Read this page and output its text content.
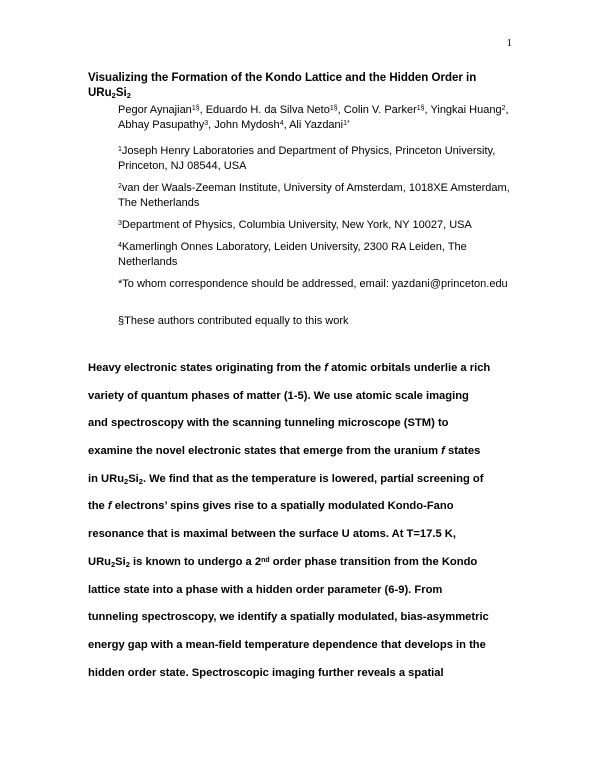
1
Visualizing the Formation of the Kondo Lattice and the Hidden Order in
$URu_2Si_2$
Pegor Aynajian$^{1\S}$, Eduardo H. da Silva Neto$^{1\S}$, Colin V. Parker$^{1\S}$, Yingkai Huang$^2$, Abhay Pasupathy$^3$, John Mydosh$^4$, Ali Yazdani$^{1*}$
$^1$Joseph Henry Laboratories and Department of Physics, Princeton University, Princeton, NJ 08544, USA
$^2$van der Waals-Zeeman Institute, University of Amsterdam, 1018XE Amsterdam, The Netherlands
$^3$Department of Physics, Columbia University, New York, NY 10027, USA
$^4$Kamerlingh Onnes Laboratory, Leiden University, 2300 RA Leiden, The Netherlands
*To whom correspondence should be addressed, email: yazdani@princeton.edu
§These authors contributed equally to this work
Heavy electronic states originating from the f atomic orbitals underlie a rich
variety of quantum phases of matter (1-5). We use atomic scale imaging
and spectroscopy with the scanning tunneling microscope (STM) to
examine the novel electronic states that emerge from the uranium f states
in $URu_2Si_2$. We find that as the temperature is lowered, partial screening of
the f electrons’ spins gives rise to a spatially modulated Kondo-Fano
resonance that is maximal between the surface U atoms. At T=17.5 K,
$URu_2Si_2$ is known to undergo a 2nd order phase transition from the Kondo
lattice state into a phase with a hidden order parameter (6-9). From
tunneling spectroscopy, we identify a spatially modulated, bias-asymmetric
energy gap with a mean-field temperature dependence that develops in the
hidden order state. Spectroscopic imaging further reveals a spatial
